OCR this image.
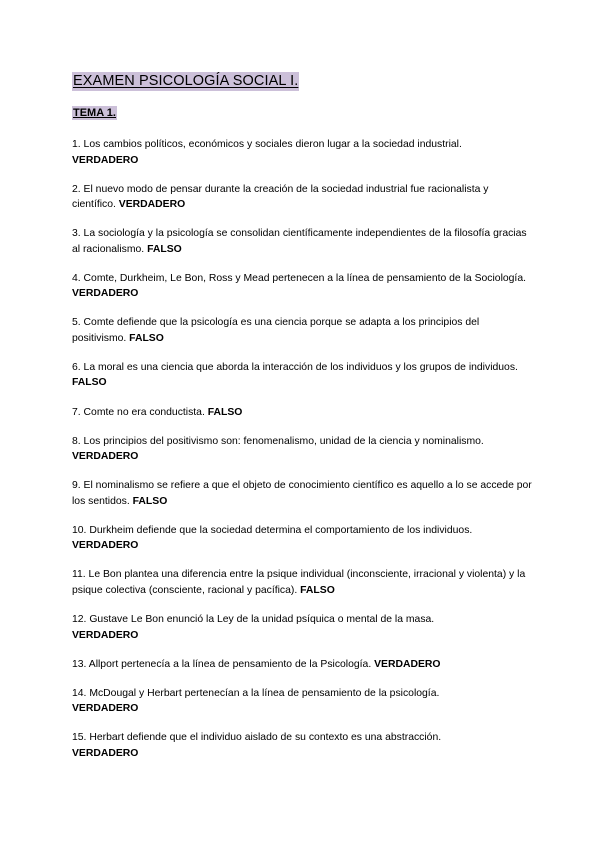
EXAMEN PSICOLOGÍA SOCIAL I.
TEMA 1.

1. Los cambios políticos, económicos y sociales dieron lugar a la sociedad industrial.
VERDADERO

2. El nuevo modo de pensar durante la creación de la sociedad industrial fue racionalista y científico. VERDADERO

3. La sociología y la psicología se consolidan científicamente independientes de la filosofía gracias al racionalismo. FALSO

4. Comte, Durkheim, Le Bon, Ross y Mead pertenecen a la línea de pensamiento de la Sociología. VERDADERO

5. Comte defiende que la psicología es una ciencia porque se adapta a los principios del positivismo. FALSO

6. La moral es una ciencia que aborda la interacción de los individuos y los grupos de individuos. FALSO

7. Comte no era conductista. FALSO

8. Los principios del positivismo son: fenomenalismo, unidad de la ciencia y nominalismo.
VERDADERO

9. El nominalismo se refiere a que el objeto de conocimiento científico es aquello a lo se accede por los sentidos. FALSO

10. Durkheim defiende que la sociedad determina el comportamiento de los individuos.
VERDADERO

11. Le Bon plantea una diferencia entre la psique individual (inconsciente, irracional y violenta) y la psique colectiva (consciente, racional y pacífica). FALSO

12. Gustave Le Bon enunció la Ley de la unidad psíquica o mental de la masa.
VERDADERO

13. Allport pertenecía a la línea de pensamiento de la Psicología. VERDADERO

14. McDougal y Herbart pertenecían a la línea de pensamiento de la psicología.
VERDADERO

15. Herbart defiende que el individuo aislado de su contexto es una abstracción.
VERDADERO
